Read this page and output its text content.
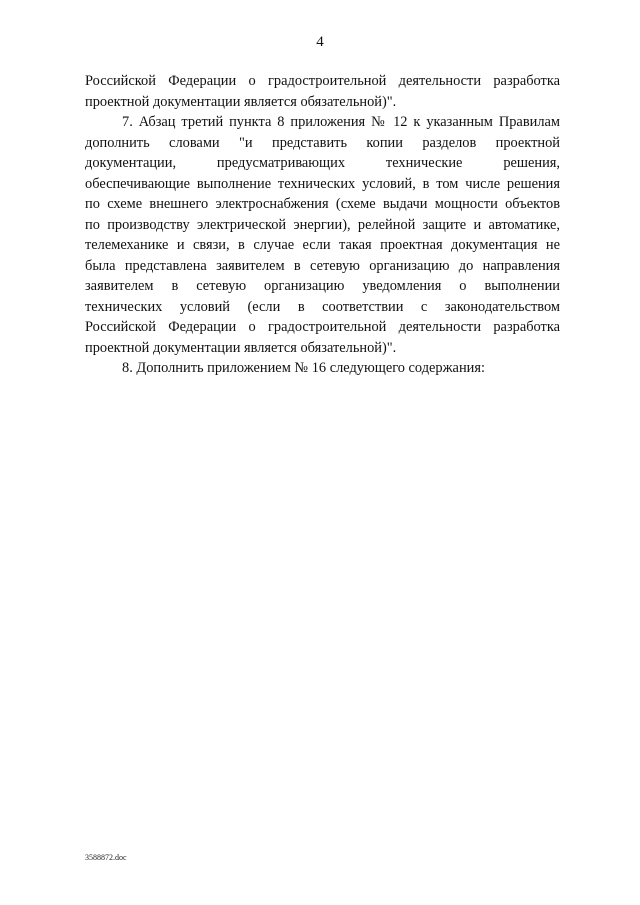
4
Российской Федерации о градостроительной деятельности разработка
проектной документации является обязательной)".
7. Абзац третий пункта 8 приложения № 12 к указанным Правилам
дополнить словами "и представить копии разделов проектной
документации, предусматривающих технические решения,
обеспечивающие выполнение технических условий, в том числе решения
по схеме внешнего электроснабжения (схеме выдачи мощности объектов
по производству электрической энергии), релейной защите и автоматике,
телемеханике и связи, в случае если такая проектная документация не
была представлена заявителем в сетевую организацию до направления
заявителем в сетевую организацию уведомления о выполнении
технических условий (если в соответствии с законодательством
Российской Федерации о градостроительной деятельности разработка
проектной документации является обязательной)".
8. Дополнить приложением № 16 следующего содержания:
3588872.doc
